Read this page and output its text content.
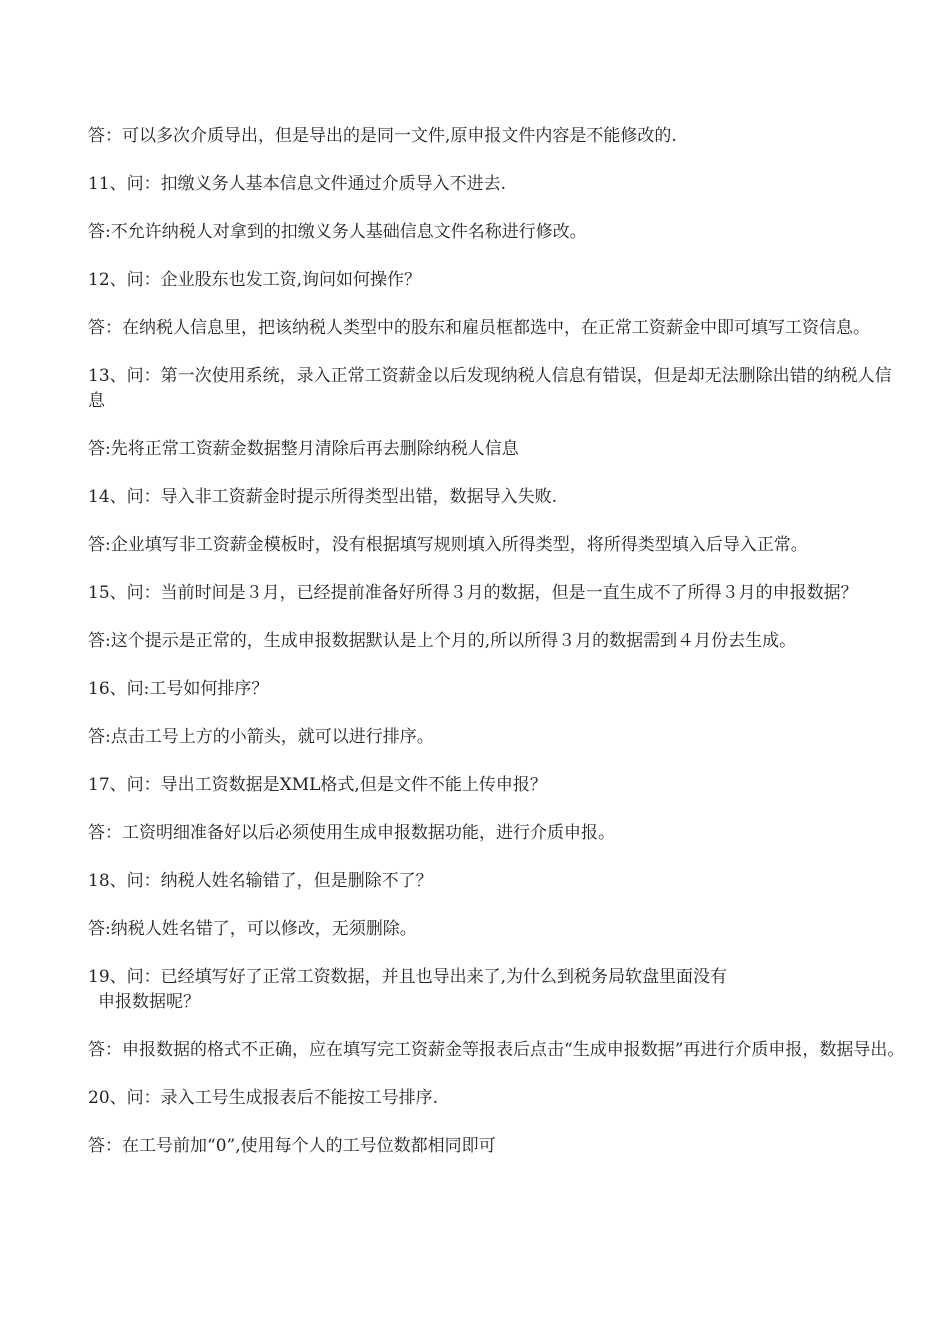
答：可以多次介质导出，但是导出的是同一文件,原申报文件内容是不能修改的.

11、问：扣缴义务人基本信息文件通过介质导入不进去.

答:不允许纳税人对拿到的扣缴义务人基础信息文件名称进行修改。

12、问：企业股东也发工资,询问如何操作？

答：在纳税人信息里，把该纳税人类型中的股东和雇员框都选中，在正常工资薪金中即可填写工资信息。

13、问：第一次使用系统，录入正常工资薪金以后发现纳税人信息有错误，但是却无法删除出错的纳税人信息

答:先将正常工资薪金数据整月清除后再去删除纳税人信息

14、问：导入非工资薪金时提示所得类型出错，数据导入失败.

答:企业填写非工资薪金模板时，没有根据填写规则填入所得类型，将所得类型填入后导入正常。

15、问：当前时间是３月，已经提前准备好所得３月的数据，但是一直生成不了所得３月的申报数据？

答:这个提示是正常的，生成申报数据默认是上个月的,所以所得３月的数据需到４月份去生成。

16、问:工号如何排序？

答:点击工号上方的小箭头，就可以进行排序。

17、问：导出工资数据是XML格式,但是文件不能上传申报？

答：工资明细准备好以后必须使用生成申报数据功能，进行介质申报。

18、问：纳税人姓名输错了，但是删除不了？

答:纳税人姓名错了，可以修改，无须删除。

19、问：已经填写好了正常工资数据，并且也导出来了,为什么到税务局软盘里面没有
申报数据呢？

答：申报数据的格式不正确，应在填写完工资薪金等报表后点击“生成申报数据”再进行介质申报，数据导出。

20、问：录入工号生成报表后不能按工号排序.

答：在工号前加“0”,使用每个人的工号位数都相同即可
